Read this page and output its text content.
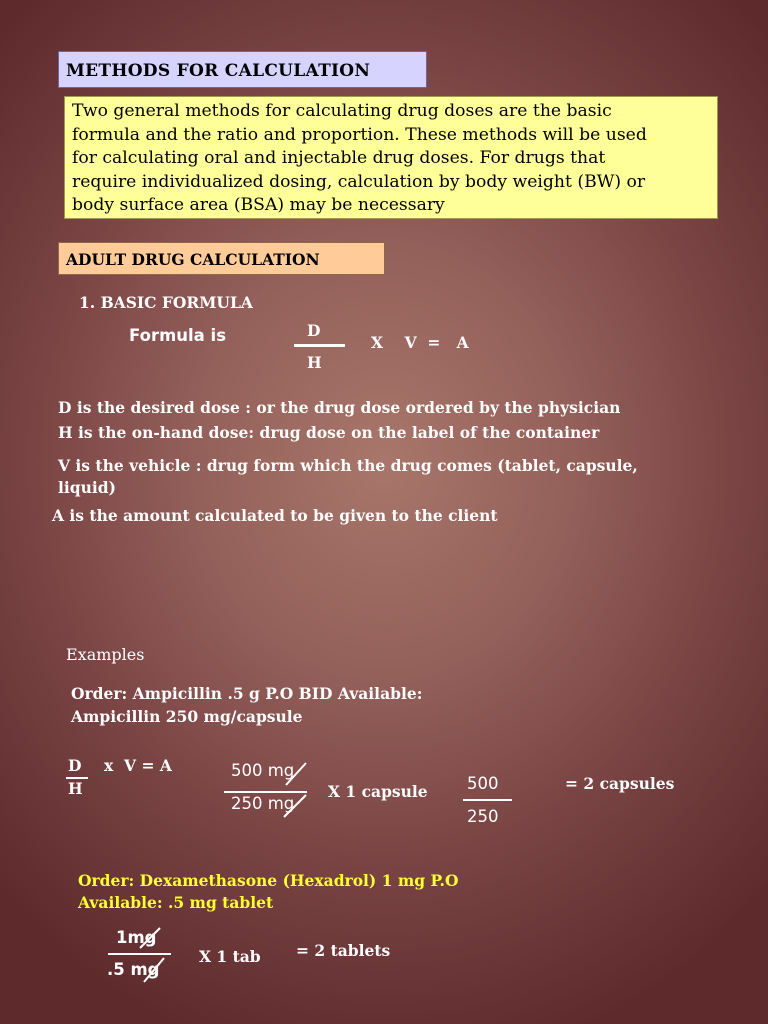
METHODS FOR CALCULATION
Two general methods for calculating drug doses are the basic
formula and the ratio and proportion. These methods will be used
for calculating oral and injectable drug doses. For drugs that
require individualized dosing, calculation by body weight (BW) or
body surface area (BSA) may be necessary
ADULT DRUG CALCULATION
1. BASIC FORMULA
Formula is	D
H
X    V  =   A
D is the desired dose : or the drug dose ordered by the physician
H is the on-hand dose: drug dose on the label of the container
V is the vehicle : drug form which the drug comes (tablet, capsule,
liquid)
A is the amount calculated to be given to the client
Examples
Order: Ampicillin .5 g P.O BID Available:
Ampicillin 250 mg/capsule
D
H
x  V = A	500 mg
250 mg
X 1 capsule 500
250
= 2 capsules
Order: Dexamethasone (Hexadrol) 1 mg P.O
Available: .5 mg tablet
1mg
.5 mg
X 1 tab = 2 tablets
